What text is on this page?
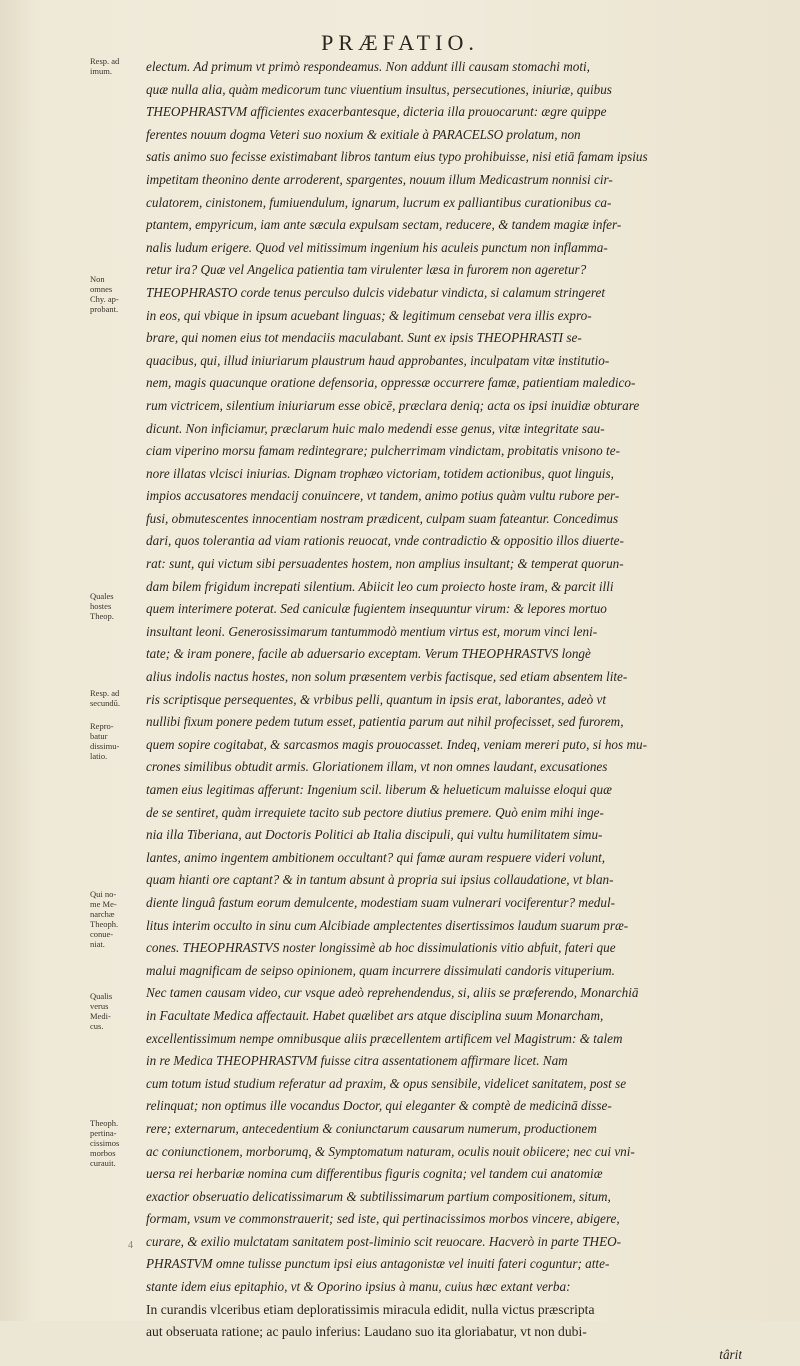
PRÆFATIO.
Resp. ad
imum.
Non
omnes
Chy. ap-
probant.
Quales
hostes
Theop.
Resp. ad
secundū.
Repro-
batur
dissimu-
latio.
Qui no-
me Me-
narchæ
Theoph.
conue-
niat.
Qualis
verus
Medi-
cus.
Theoph.
pertina-
cissimos
morbos
curauit.
electum. Ad primum vt primò respondeamus. Non addunt illi causam stomachi moti,
quæ nulla alia, quàm medicorum tunc viuentium insultus, persecutiones, iniuriæ, quibus
THEOPHRASTVM afficientes exacerbantesque, dicteria illa prouocarunt: ægre quippe
ferentes nouum dogma Veteri suo noxium & exitiale à PARACELSO prolatum, non
satis animo suo fecisse existimabant libros tantum eius typo prohibuisse, nisi etiā famam ipsius
impetitam theonino dente arroderent, spargentes, nouum illum Medicastrum nonnisi cir-
culatorem, cinistonem, fumiuendulum, ignarum, lucrum ex palliantibus curationibus ca-
ptantem, empyricum, iam ante sæcula expulsam sectam, reducere, & tandem magiæ infer-
nalis ludum erigere. Quod vel mitissimum ingenium his aculeis punctum non inflamma-
retur ira? Quæ vel Angelica patientia tam virulenter læsa in furorem non ageretur?
THEOPHRASTO corde tenus perculso dulcis videbatur vindicta, si calamum stringeret
in eos, qui vbique in ipsum acuebant linguas; & legitimum censebat vera illis expro-
brare, qui nomen eius tot mendaciis maculabant. Sunt ex ipsis THEOPHRASTI se-
quacibus, qui, illud iniuriarum plaustrum haud approbantes, inculpatam vitæ institutio-
nem, magis quacunque oratione defensoria, oppressæ occurrere famæ, patientiam maledico-
rum victricem, silentium iniuriarum esse obicē, præclara deniq; acta os ipsi inuidiæ obturare
dicunt. Non inficiamur, præclarum huic malo medendi esse genus, vitæ integritate sau-
ciam viperino morsu famam redintegrare; pulcherrimam vindictam, probitatis vnisono te-
nore illatas vlcisci iniurias. Dignam trophæo victoriam, totidem actionibus, quot linguis,
impios accusatores mendacij conuincere, vt tandem, animo potius quàm vultu rubore per-
fusi, obmutescentes innocentiam nostram prædicent, culpam suam fateantur. Concedimus
dari, quos tolerantia ad viam rationis reuocat, vnde contradictio & oppositio illos diuerte-
rat: sunt, qui victum sibi persuadentes hostem, non amplius insultant; & temperat quorun-
dam bilem frigidum increpati silentium. Abiicit leo cum proiecto hoste iram, & parcit illi
quem interimere poterat. Sed caniculæ fugientem insequuntur virum: & lepores mortuo
insultant leoni. Generosissimarum tantummodò mentium virtus est, morum vinci leni-
tate; & iram ponere, facile ab aduersario exceptam. Verum THEOPHRASTVS longè
alius indolis nactus hostes, non solum præsentem verbis factisque, sed etiam absentem lite-
ris scriptisque persequentes, & vrbibus pelli, quantum in ipsis erat, laborantes, adeò vt
nullibi fixum ponere pedem tutum esset, patientia parum aut nihil profecisset, sed furorem,
quem sopire cogitabat, & sarcasmos magis prouocasset. Indeq, veniam mereri puto, si hos mu-
crones similibus obtudit armis. Gloriationem illam, vt non omnes laudant, excusationes
tamen eius legitimas afferunt: Ingenium scil. liberum & helueticum maluisse eloqui quæ
de se sentiret, quàm irrequiete tacito sub pectore diutius premere. Quò enim mihi inge-
nia illa Tiberiana, aut Doctoris Politici ab Italia discipuli, qui vultu humilitatem simu-
lantes, animo ingentem ambitionem occultant? qui famæ auram respuere videri volunt,
quam hianti ore captant? & in tantum absunt à propria sui ipsius collaudatione, vt blan-
diente linguâ fastum eorum demulcente, modestiam suam vulnerari vociferentur? medul-
litus interim occulto in sinu cum Alcibiade amplectentes disertissimos laudum suarum præ-
cones. THEOPHRASTVS noster longissimè ab hoc dissimulationis vitio abfuit, fateri que
malui magnificam de seipso opinionem, quam incurrere dissimulati candoris vituperium.
Nec tamen causam video, cur vsque adeò reprehendendus, si, aliis se præferendo, Monarchiā
in Facultate Medica affectauit. Habet quælibet ars atque disciplina suum Monarcham,
excellentissimum nempe omnibusque aliis præcellentem artificem vel Magistrum: & talem
in re Medica THEOPHRASTVM fuisse citra assentationem affirmare licet. Nam
cum totum istud studium referatur ad praxim, & opus sensibile, videlicet sanitatem, post se
relinquat; non optimus ille vocandus Doctor, qui eleganter & comptè de medicinā disse-
rere; externarum, antecedentium & coniunctarum causarum numerum, productionem
ac coniunctionem, morborumq, & Symptomatum naturam, oculis nouit obiicere; nec cui vni-
uersa rei herbariæ nomina cum differentibus figuris cognita; vel tandem cui anatomiæ
exactior obseruatio delicatissimarum & subtilissimarum partium compositionem, situm,
formam, vsum ve commonstrauerit; sed iste, qui pertinacissimos morbos vincere, abigere,
curare, & exilio mulctatam sanitatem post-liminio scit reuocare. Hacverò in parte THEO-
PHRASTVM omne tulisse punctum ipsi eius antagonistæ vel inuiti fateri coguntur; atte-
stante idem eius epitaphio, vt & Oporino ipsius à manu, cuius hæc extant verba:
In curandis vlceribus etiam deploratissimis miracula edidit, nulla victus præscripta
aut obseruata ratione; ac paulo inferius: Laudano suo ita gloriabatur, vt non dubi-
târit
4
